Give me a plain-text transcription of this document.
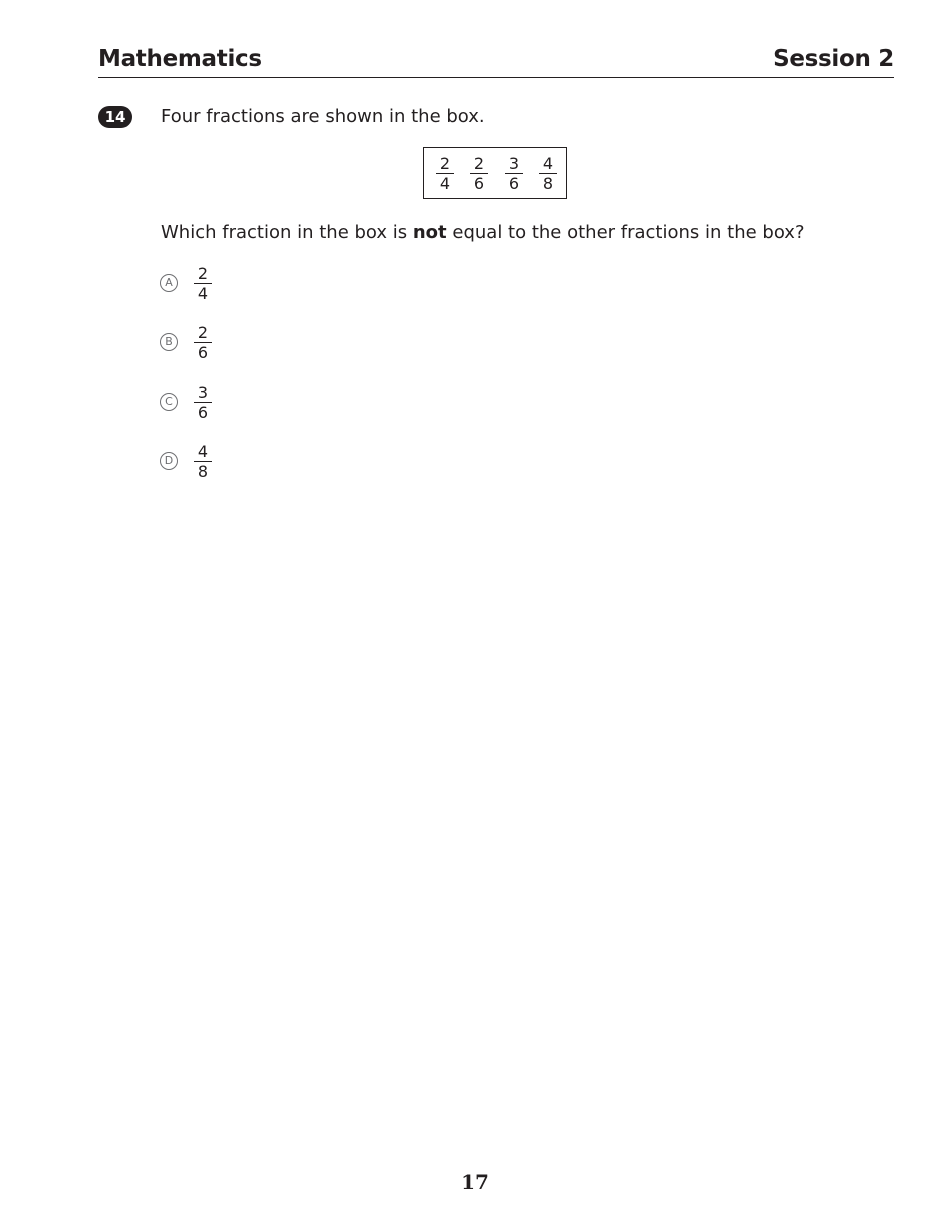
Mathematics	Session 2
14	Four fractions are shown in the box.
2
4
2
6
3
6
4
8
Which fraction in the box is not equal to the other fractions in the box?
A	2
4
B	2
6
C	3
6
D 4
8
17
